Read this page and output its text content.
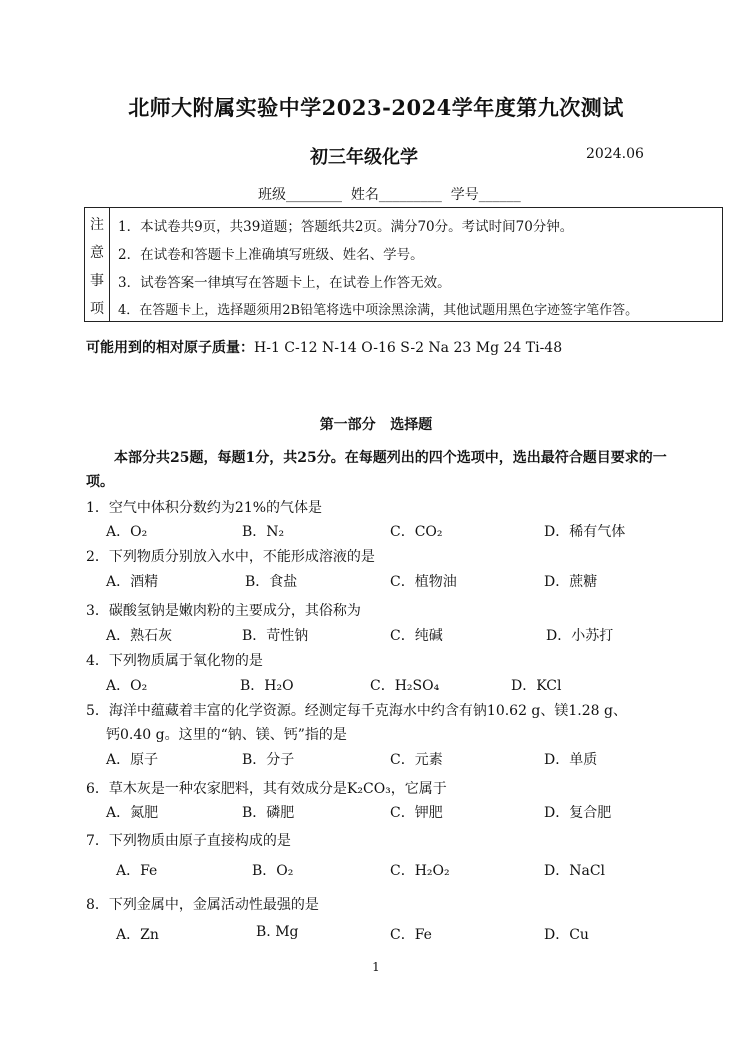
北师大附属实验中学2023-2024学年度第九次测试
初三年级化学	2024.06
班级________  姓名_________  学号______
注
意
事
项
1．本试卷共9页，共39道题；答题纸共2页。满分70分。考试时间70分钟。
2．在试卷和答题卡上准确填写班级、姓名、学号。
3．试卷答案一律填写在答题卡上，在试卷上作答无效。
4．在答题卡上，选择题须用2B铅笔将选中项涂黑涂满，其他试题用黑色字迹签字笔作答。
可能用到的相对原子质量：H-1 C-12 N-14 O-16 S-2 Na 23 Mg 24 Ti-48
第一部分   选择题
本部分共25题，每题1分，共25分。在每题列出的四个选项中，选出最符合题目要求的一项。
1．空气中体积分数约为21%的气体是
A．O₂	B．N₂	C．CO₂	D．稀有气体
2．下列物质分别放入水中，不能形成溶液的是
A．酒精	B．食盐	C．植物油	D．蔗糖
3．碳酸氢钠是嫩肉粉的主要成分，其俗称为
A．熟石灰	B．苛性钠	C．纯碱	D．小苏打
4．下列物质属于氧化物的是
A．O₂	B．H₂O	C．H₂SO₄	D．KCl
5．海洋中蕴藏着丰富的化学资源。经测定每千克海水中约含有钠10.62 g、镁1.28 g、
钙0.40 g。这里的“钠、镁、钙”指的是
A．原子	B．分子	C．元素	D．单质
6．草木灰是一种农家肥料，其有效成分是K₂CO₃，它属于
A．氮肥	B．磷肥	C．钾肥	D．复合肥
7．下列物质由原子直接构成的是
A．Fe	B．O₂	C．H₂O₂	D．NaCl
8．下列金属中，金属活动性最强的是
A．Zn	B. Mg	C．Fe	D．Cu
1
